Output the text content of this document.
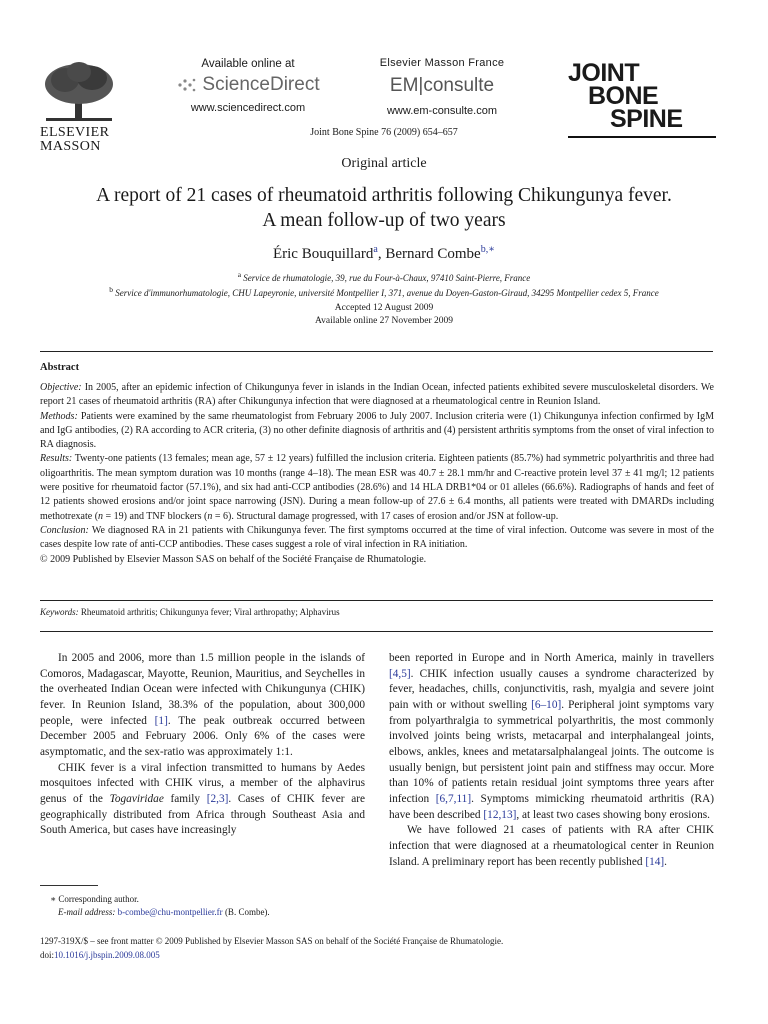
ELSEVIER
MASSON
Available online at
ScienceDirect
www.sciencedirect.com
Elsevier Masson France
EM|consulte
www.em-consulte.com
JOINT
BONE
SPINE
Joint Bone Spine 76 (2009) 654–657
Original article
A report of 21 cases of rheumatoid arthritis following Chikungunya fever.
A mean follow-up of two years
Éric Bouquillard$^a$, Bernard Combe$^{b,∗}$
$^a$ Service de rhumatologie, 39, rue du Four-à-Chaux, 97410 Saint-Pierre, France
$^b$ Service d'immunorhumatologie, CHU Lapeyronie, université Montpellier I, 371, avenue du Doyen-Gaston-Giraud, 34295 Montpellier cedex 5, France
Accepted 12 August 2009
Available online 27 November 2009
Abstract

Objective: In 2005, after an epidemic infection of Chikungunya fever in islands in the Indian Ocean, infected patients exhibited severe musculoskeletal disorders. We report 21 cases of rheumatoid arthritis (RA) after Chikungunya infection that were diagnosed at a rheumatological centre in Reunion Island.

Methods: Patients were examined by the same rheumatologist from February 2006 to July 2007. Inclusion criteria were (1) Chikungunya infection confirmed by IgM and IgG antibodies, (2) RA according to ACR criteria, (3) no other definite diagnosis of arthritis and (4) persistent arthritis symptoms from the onset of viral infection to RA diagnosis.

Results: Twenty-one patients (13 females; mean age, 57 ± 12 years) fulfilled the inclusion criteria. Eighteen patients (85.7%) had symmetric polyarthritis and three had oligoarthritis. The mean symptom duration was 10 months (range 4–18). The mean ESR was 40.7 ± 28.1 mm/hr and C-reactive protein level 37 ± 41 mg/l; 12 patients were positive for rheumatoid factor (57.1%), and six had anti-CCP antibodies (28.6%) and 14 HLA DRB1*04 or 01 alleles (66.6%). Radiographs of hands and feet of 12 patients showed erosions and/or joint space narrowing (JSN). During a mean follow-up of 27.6 ± 6.4 months, all patients were treated with DMARDs including methotrexate (n = 19) and TNF blockers (n = 6). Structural damage progressed, with 17 cases of erosion and/or JSN at follow-up.

Conclusion: We diagnosed RA in 21 patients with Chikungunya fever. The first symptoms occurred at the time of viral infection. Outcome was severe in most of the cases despite low rate of anti-CCP antibodies. These cases suggest a role of viral infection in RA initiation.

© 2009 Published by Elsevier Masson SAS on behalf of the Société Française de Rhumatologie.

Keywords: Rheumatoid arthritis; Chikungunya fever; Viral arthropathy; Alphavirus

In 2005 and 2006, more than 1.5 million people in the islands of Comoros, Madagascar, Mayotte, Reunion, Mauritius, and Seychelles in the overheated Indian Ocean were infected with Chikungunya (CHIK) fever. In Reunion Island, 38.3% of the population, about 300,000 people, were infected [1]. The peak outbreak occurred between December 2005 and February 2006. Only 6% of the cases were asymptomatic, and the sex-ratio was approximately 1:1.

CHIK fever is a viral infection transmitted to humans by Aedes mosquitoes infected with CHIK virus, a member of the alphavirus genus of the Togaviridae family [2,3]. Cases of CHIK fever are geographically distributed from Africa through Southeast Asia and South America, but cases have increasingly

been reported in Europe and in North America, mainly in travellers [4,5]. CHIK infection usually causes a syndrome characterized by fever, headaches, chills, conjunctivitis, rash, myalgia and severe joint pain with or without swelling [6–10]. Peripheral joint symptoms vary from polyarthralgia to symmetrical polyarthritis, the most commonly involved joints being wrists, metacarpal and interphalangeal joints, elbows, ankles, knees and metatarsalphalangeal joints. The outcome is usually benign, but persistent joint pain and stiffness may occur. More than 10% of patients retain residual joint symptoms three years after infection [6,7,11]. Symptoms mimicking rheumatoid arthritis (RA) have been described [12,13], at least two cases showing bony erosions.

We have followed 21 cases of patients with RA after CHIK infection that were diagnosed at a rheumatological center in Reunion Island. A preliminary report has been recently published [14].

∗ Corresponding author.
E-mail address: b-combe@chu-montpellier.fr (B. Combe).
1297-319X/$ – see front matter © 2009 Published by Elsevier Masson SAS on behalf of the Société Française de Rhumatologie.
doi:10.1016/j.jbspin.2009.08.005
